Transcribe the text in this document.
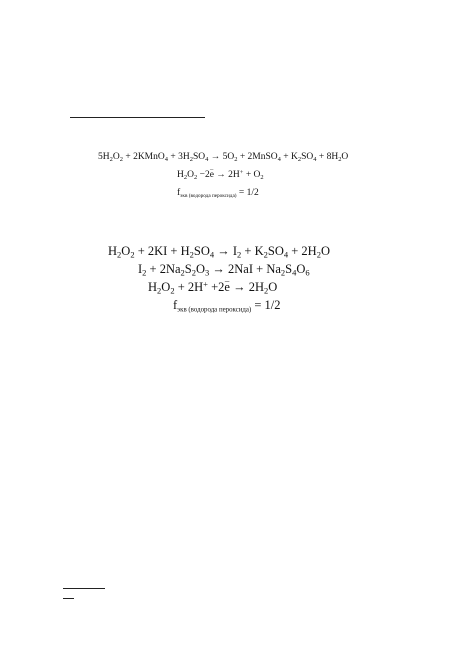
$5H_2O_2$ + 2KMnO$_4$ + $3H_2SO_4 \to 5O_2$ + 2MnSO$_4$ + $K_2SO_4 + 8H_2O$
$H_2O_2 -2-$ $e \to 2H^+ + O_2$
fэкв (водорода пероксида) = 1/2
$H_2O_2 + 2KI + H_2SO_4 \to I_2 + K_2SO_4 + 2H_2O$
$I_2 + 2Na_2S_2O_3 \to 2NaI + Na_2S_4O_6$
$H_2O_2 + 2H^+ +2-$ $e \to 2H_2O$
fэкв (водорода пероксида) = 1/2
